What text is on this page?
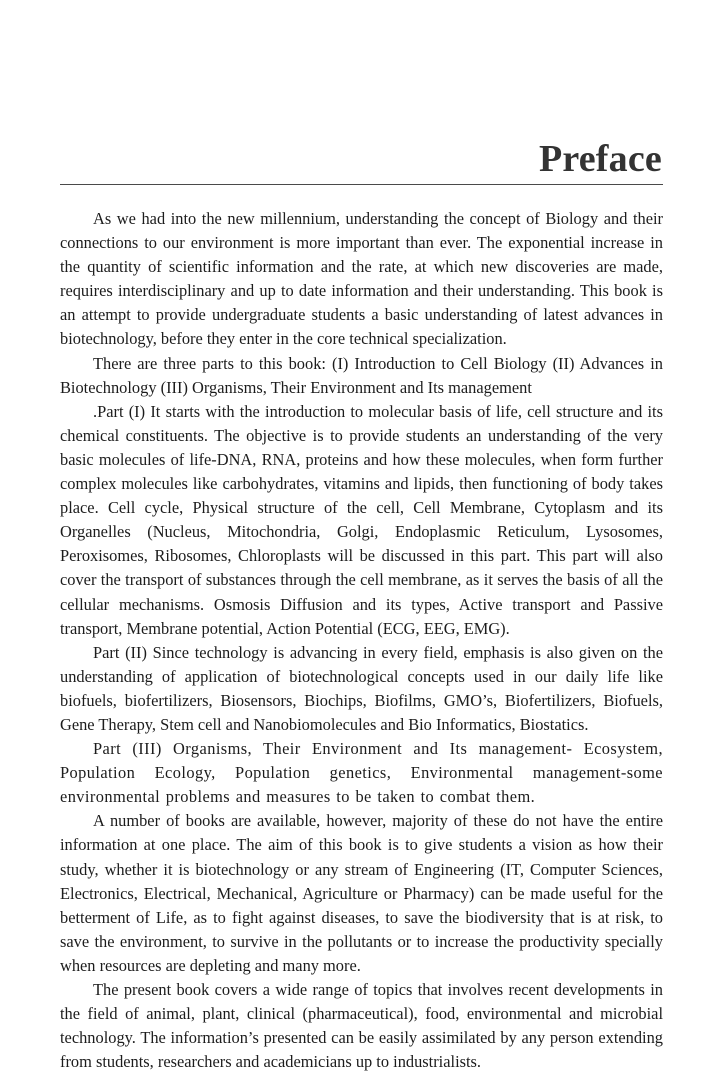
Preface

As we had into the new millennium, understanding the concept of Biology and their connections to our environment is more important than ever. The exponential increase in the quantity of scientific information and the rate, at which new discoveries are made, requires interdisciplinary and up to date information and their understanding. This book is an attempt to provide undergraduate students a basic understanding of latest advances in biotechnology, before they enter in the core technical specialization.

There are three parts to this book: (I) Introduction to Cell Biology (II) Advances in Biotechnology (III) Organisms, Their Environment and Its management

.Part (I) It starts with the introduction to molecular basis of life, cell structure and its chemical constituents. The objective is to provide students an understanding of the very basic molecules of life-DNA, RNA, proteins and how these molecules, when form further complex molecules like carbohydrates, vitamins and lipids, then functioning of body takes place. Cell cycle, Physical structure of the cell, Cell Membrane, Cytoplasm and its Organelles (Nucleus, Mitochondria, Golgi, Endoplasmic Reticulum, Lysosomes, Peroxisomes, Ribosomes, Chloroplasts will be discussed in this part. This part will also cover the transport of substances through the cell membrane, as it serves the basis of all the cellular mechanisms. Osmosis Diffusion and its types, Active transport and Passive transport, Membrane potential, Action Potential (ECG, EEG, EMG).

Part (II) Since technology is advancing in every field, emphasis is also given on the understanding of application of biotechnological concepts used in our daily life like biofuels, biofertilizers, Biosensors, Biochips, Biofilms, GMO’s, Biofertilizers, Biofuels, Gene Therapy, Stem cell and Nanobiomolecules and Bio Informatics, Biostatics.

Part (III) Organisms, Their Environment and Its management- Ecosystem, Population Ecology, Population genetics, Environmental management-some environmental problems and measures to be taken to combat them.

A number of books are available, however, majority of these do not have the entire information at one place. The aim of this book is to give students a vision as how their study, whether it is biotechnology or any stream of Engineering (IT, Computer Sciences, Electronics, Electrical, Mechanical, Agriculture or Pharmacy) can be made useful for the betterment of Life, as to fight against diseases, to save the biodiversity that is at risk, to save the environment, to survive in the pollutants or to increase the productivity specially when resources are depleting and many more.

The present book covers a wide range of topics that involves recent developments in the field of animal, plant, clinical (pharmaceutical), food, environmental and microbial technology. The information’s presented can be easily assimilated by any person extending from students, researchers and academicians up to industrialists.
